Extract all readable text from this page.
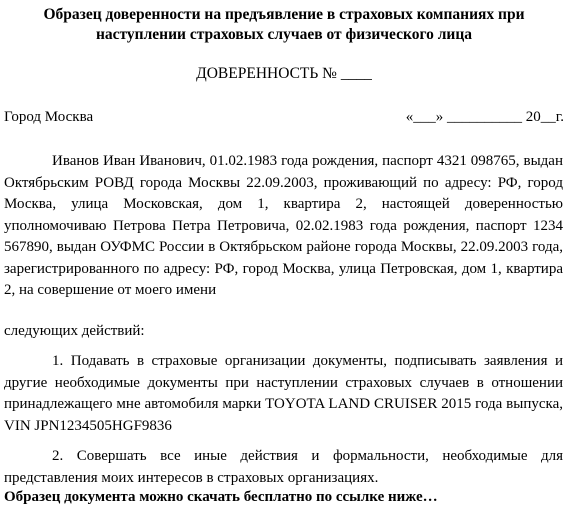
Образец доверенности на предъявление в страховых компаниях при
наступлении страховых случаев от физического лица
ДОВЕРЕННОСТЬ № ____
Город Москва	«___» __________ 20__г.
Иванов Иван Иванович, 01.02.1983 года рождения, паспорт 4321 098765, выдан Октябрьским РОВД города Москвы 22.09.2003, проживающий по адресу: РФ, город Москва, улица Московская, дом 1, квартира 2, настоящей доверенностью уполномочиваю Петрова Петра Петровича, 02.02.1983 года рождения, паспорт 1234 567890, выдан ОУФМС России в Октябрьском районе города Москвы, 22.09.2003 года, зарегистрированного по адресу: РФ, город Москва, улица Петровская, дом 1, квартира 2, на совершение от моего имени
следующих действий:
1. Подавать в страховые организации документы, подписывать заявления и другие необходимые документы при наступлении страховых случаев в отношении принадлежащего мне автомобиля марки TOYOTA LAND CRUISER 2015 года выпуска, VIN JPN1234505HGF9836
2. Совершать все иные действия и формальности, необходимые для представления моих интересов в страховых организациях.
Образец документа можно скачать бесплатно по ссылке ниже…
